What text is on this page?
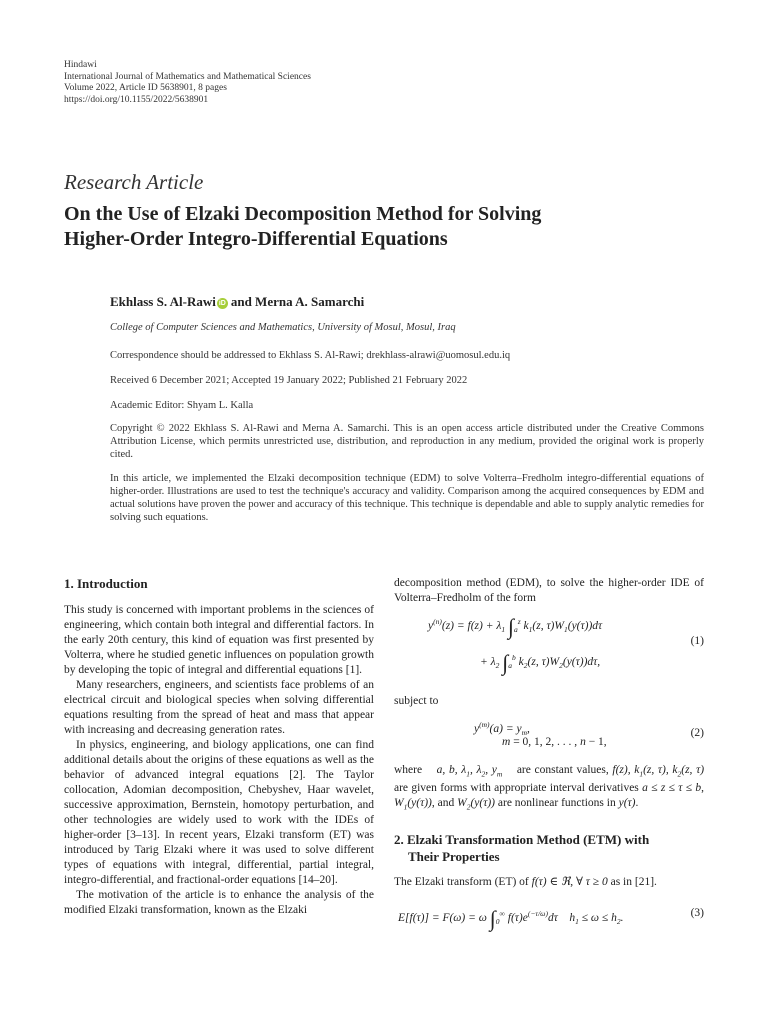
Hindawi
International Journal of Mathematics and Mathematical Sciences
Volume 2022, Article ID 5638901, 8 pages
https://doi.org/10.1155/2022/5638901
Research Article
On the Use of Elzaki Decomposition Method for Solving
Higher-Order Integro-Differential Equations
Ekhlass S. Al-Rawi iD and Merna A. Samarchi
College of Computer Sciences and Mathematics, University of Mosul, Mosul, Iraq
Correspondence should be addressed to Ekhlass S. Al-Rawi; drekhlass-alrawi@uomosul.edu.iq
Received 6 December 2021; Accepted 19 January 2022; Published 21 February 2022
Academic Editor: Shyam L. Kalla
Copyright © 2022 Ekhlass S. Al-Rawi and Merna A. Samarchi. This is an open access article distributed under the Creative Commons Attribution License, which permits unrestricted use, distribution, and reproduction in any medium, provided the original work is properly cited.
In this article, we implemented the Elzaki decomposition technique (EDM) to solve Volterra–Fredholm integro-differential equations of higher-order. Illustrations are used to test the technique's accuracy and validity. Comparison among the acquired consequences by EDM and actual solutions have proven the power and accuracy of this technique. This technique is dependable and able to supply analytic remedies for solving such equations.
1. Introduction

This study is concerned with important problems in the sciences of engineering, which contain both integral and differential factors. In the early 20th century, this kind of equation was first presented by Volterra, where he studied genetic influences on population growth by developing the topic of integral and differential equations [1].

Many researchers, engineers, and scientists face problems of an electrical circuit and biological species when solving differential equations resulting from the spread of heat and mass that appear with increasing and decreasing generation rates.

In physics, engineering, and biology applications, one can find additional details about the origins of these equations as well as the behavior of advanced integral equations [2]. The Taylor collocation, Adomian decomposition, Chebyshev, Haar wavelet, successive approximation, Bernstein, homotopy perturbation, and other technologies are widely used to work with the IDEs of higher-order [3–13]. In recent years, Elzaki transform (ET) was introduced by Tarig Elzaki where it was used to solve different types of equations with integral, differential, partial integral, integro-differential, and fractional-order equations [14–20].

The motivation of the article is to enhance the analysis of the modified Elzaki transformation, known as the Elzaki

decomposition method (EDM), to solve the higher-order IDE of Volterra–Fredholm of the form

$y^{(n)}(z) = f(z) + \lambda_1$ $\int_a^z$ $k_1(z$, $\tau)W_1(y(\tau))d\tau$
+ $\lambda_2$ $\int_a^b$ $k_2(z$, $\tau)W_2(y(\tau))d\tau$,
(1)

subject to

$y^{(m)}(a) = y_m$,
m = 0, 1, 2, . . . , n − 1,
(2)

where    a, b, $\lambda_1$, $\lambda_2$, $y_m$ are constant values, f(z), $k_1(z$, τ), $k_2(z$, τ) are given forms with appropriate interval derivatives a ≤ z ≤ τ ≤ b, $W_1(y(\tau))$, and $W_2(y(\tau))$ are nonlinear functions in y(τ).

2. Elzaki Transformation Method (ETM) with
Their Properties

The Elzaki transform (ET) of f(τ) ∈ ℜ, ∀ τ ≥ 0 as in [21].

E[f(τ)] = F(ω) = ω $\int_0^\infty$ $f(\tau)e^{(-\tau/\omega)}d\tau$    $h_1 \le \omega \le h_2$.	(3)
